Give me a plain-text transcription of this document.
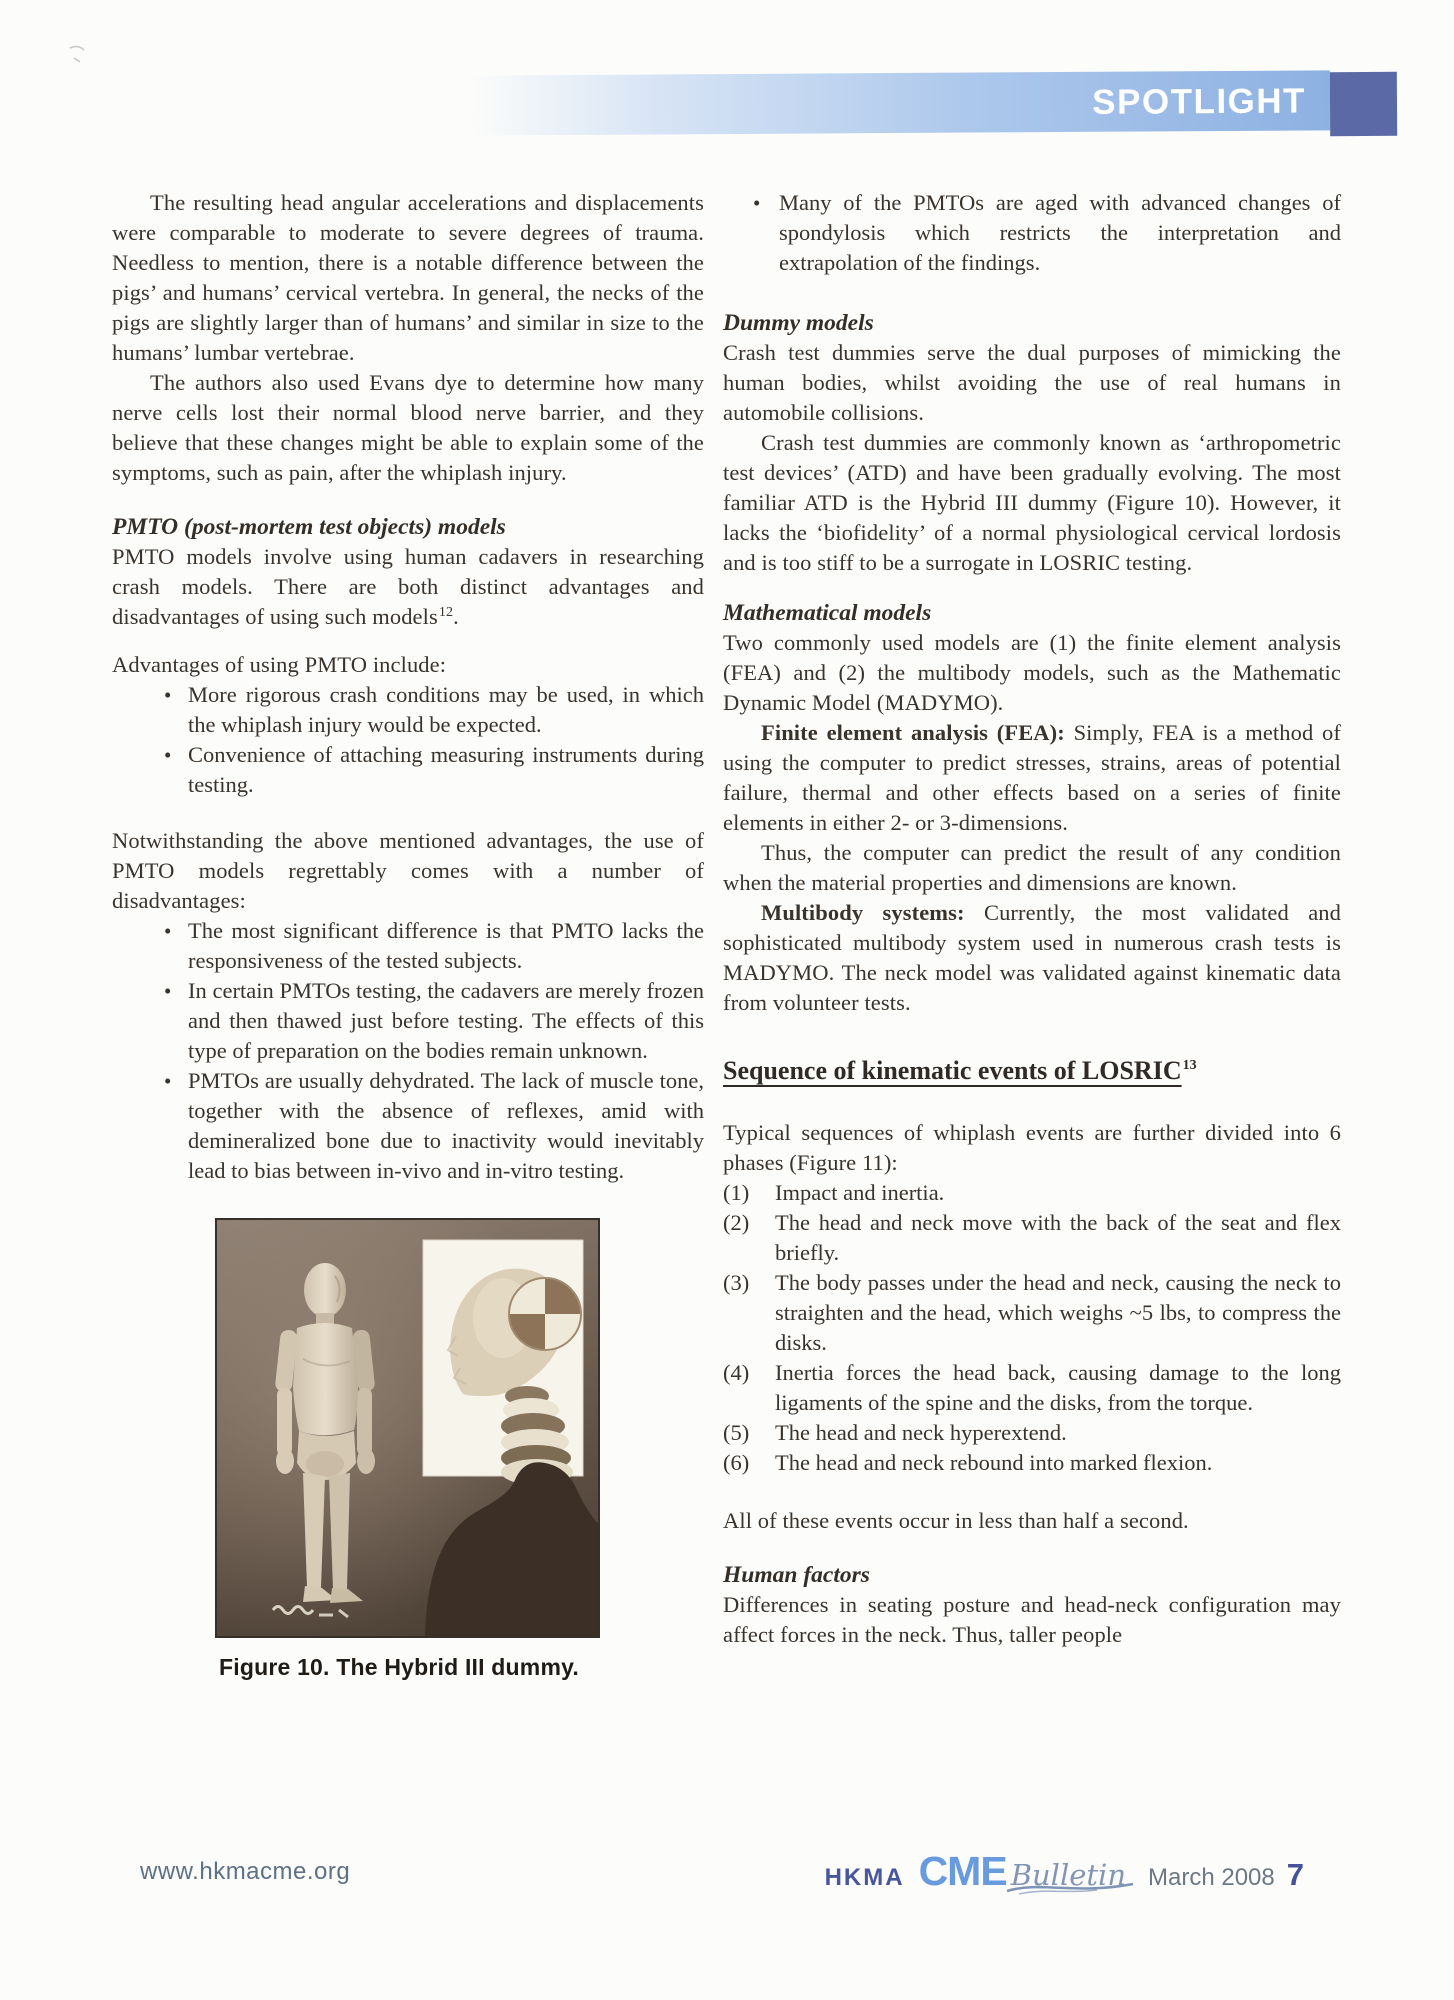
SPOTLIGHT

The resulting head angular accelerations and displacements were comparable to moderate to severe degrees of trauma. Needless to mention, there is a notable difference between the pigs’ and humans’ cervical vertebra. In general, the necks of the pigs are slightly larger than of humans’ and similar in size to the humans’ lumbar vertebrae.

The authors also used Evans dye to determine how many nerve cells lost their normal blood nerve barrier, and they believe that these changes might be able to explain some of the symptoms, such as pain, after the whiplash injury.

PMTO (post-mortem test objects) models

PMTO models involve using human cadavers in researching crash models. There are both distinct advantages and disadvantages of using such models$^{12}$.

Advantages of using PMTO include:

• More rigorous crash conditions may be used, in which the whiplash injury would be expected.
• Convenience of attaching measuring instruments during testing.

Notwithstanding the above mentioned advantages, the use of PMTO models regrettably comes with a number of disadvantages:

• The most significant difference is that PMTO lacks the responsiveness of the tested subjects.
• In certain PMTOs testing, the cadavers are merely frozen and then thawed just before testing. The effects of this type of preparation on the bodies remain unknown.
• PMTOs are usually dehydrated. The lack of muscle tone, together with the absence of reflexes, amid with demineralized bone due to inactivity would inevitably lead to bias between in-vivo and in-vitro testing.
Figure 10. The Hybrid III dummy.
• Many of the PMTOs are aged with advanced changes of spondylosis which restricts the interpretation and extrapolation of the findings.
Dummy models

Crash test dummies serve the dual purposes of mimicking the human bodies, whilst avoiding the use of real humans in automobile collisions.

Crash test dummies are commonly known as ‘arthropometric test devices’ (ATD) and have been gradually evolving. The most familiar ATD is the Hybrid III dummy (Figure 10). However, it lacks the ‘biofidelity’ of a normal physiological cervical lordosis and is too stiff to be a surrogate in LOSRIC testing.

Mathematical models

Two commonly used models are (1) the finite element analysis (FEA) and (2) the multibody models, such as the Mathematic Dynamic Model (MADYMO).

Finite element analysis (FEA): Simply, FEA is a method of using the computer to predict stresses, strains, areas of potential failure, thermal and other effects based on a series of finite elements in either 2- or 3-dimensions.

Thus, the computer can predict the result of any condition when the material properties and dimensions are known.

Multibody systems: Currently, the most validated and sophisticated multibody system used in numerous crash tests is MADYMO. The neck model was validated against kinematic data from volunteer tests.

Sequence of kinematic events of LOSRIC$^{13}$

Typical sequences of whiplash events are further divided into 6 phases (Figure 11):

(1)	Impact and inertia.
(2)	The head and neck move with the back of the seat and flex briefly.
(3)	The body passes under the head and neck, causing the neck to straighten and the head, which weighs ~5 lbs, to compress the disks.
(4)	Inertia forces the head back, causing damage to the long ligaments of the spine and the disks, from the torque.
(5)	The head and neck hyperextend.
(6)	The head and neck rebound into marked flexion.

All of these events occur in less than half a second.

Human factors

Differences in seating posture and head-neck configuration may affect forces in the neck. Thus, taller people

www.hkmacme.org	HKMA CME Bulletin March 2008 7
